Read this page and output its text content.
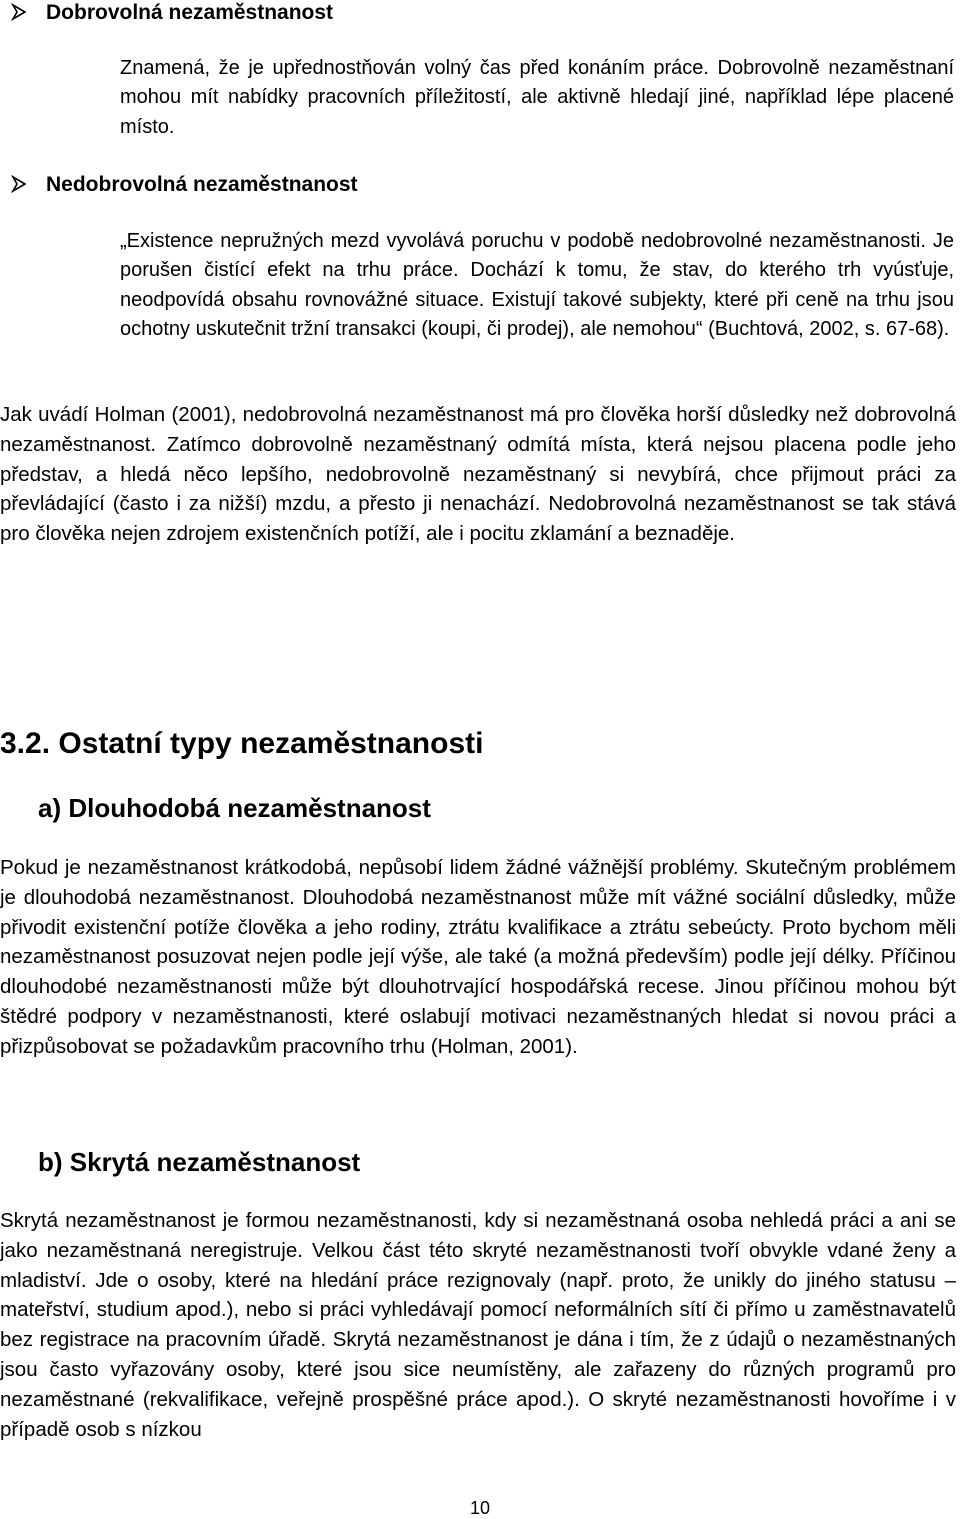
Dobrovolná nezaměstnanost
Znamená, že je upřednostňován volný čas před konáním práce. Dobrovolně nezaměstnaní mohou mít nabídky pracovních příležitostí, ale aktivně hledají jiné, například lépe placené místo.
Nedobrovolná nezaměstnanost
„Existence nepružných mezd vyvolává poruchu v podobě nedobrovolné nezaměstnanosti. Je porušen čistící efekt na trhu práce. Dochází k tomu, že stav, do kterého trh vyúsťuje, neodpovídá obsahu rovnovážné situace. Existují takové subjekty, které při ceně na trhu jsou ochotny uskutečnit tržní transakci (koupi, či prodej), ale nemohou“ (Buchtová, 2002, s. 67-68).
Jak uvádí Holman (2001), nedobrovolná nezaměstnanost má pro člověka horší důsledky než dobrovolná nezaměstnanost. Zatímco dobrovolně nezaměstnaný odmítá místa, která nejsou placena podle jeho představ, a hledá něco lepšího, nedobrovolně nezaměstnaný si nevybírá, chce přijmout práci za převládající (často i za nižší) mzdu, a přesto ji nenachází. Nedobrovolná nezaměstnanost se tak stává pro člověka nejen zdrojem existenčních potíží, ale i pocitu zklamání a beznaděje.
3.2. Ostatní typy nezaměstnanosti
a) Dlouhodobá nezaměstnanost
Pokud je nezaměstnanost krátkodobá, nepůsobí lidem žádné vážnější problémy. Skutečným problémem je dlouhodobá nezaměstnanost. Dlouhodobá nezaměstnanost může mít vážné sociální důsledky, může přivodit existenční potíže člověka a jeho rodiny, ztrátu kvalifikace a ztrátu sebeúcty. Proto bychom měli nezaměstnanost posuzovat nejen podle její výše, ale také (a možná především) podle její délky. Příčinou dlouhodobé nezaměstnanosti může být dlouhotrvající hospodářská recese. Jinou příčinou mohou být štědré podpory v nezaměstnanosti, které oslabují motivaci nezaměstnaných hledat si novou práci a přizpůsobovat se požadavkům pracovního trhu (Holman, 2001).
b) Skrytá nezaměstnanost
Skrytá nezaměstnanost je formou nezaměstnanosti, kdy si nezaměstnaná osoba nehledá práci a ani se jako nezaměstnaná neregistruje. Velkou část této skryté nezaměstnanosti tvoří obvykle vdané ženy a mladiství. Jde o osoby, které na hledání práce rezignovaly (např. proto, že unikly do jiného statusu – mateřství, studium apod.), nebo si práci vyhledávají pomocí neformálních sítí či přímo u zaměstnavatelů bez registrace na pracovním úřadě. Skrytá nezaměstnanost je dána i tím, že z údajů o nezaměstnaných jsou často vyřazovány osoby, které jsou sice neumístěny, ale zařazeny do různých programů pro nezaměstnané (rekvalifikace, veřejně prospěšné práce apod.). O skryté nezaměstnanosti hovoříme i v případě osob s nízkou
10
